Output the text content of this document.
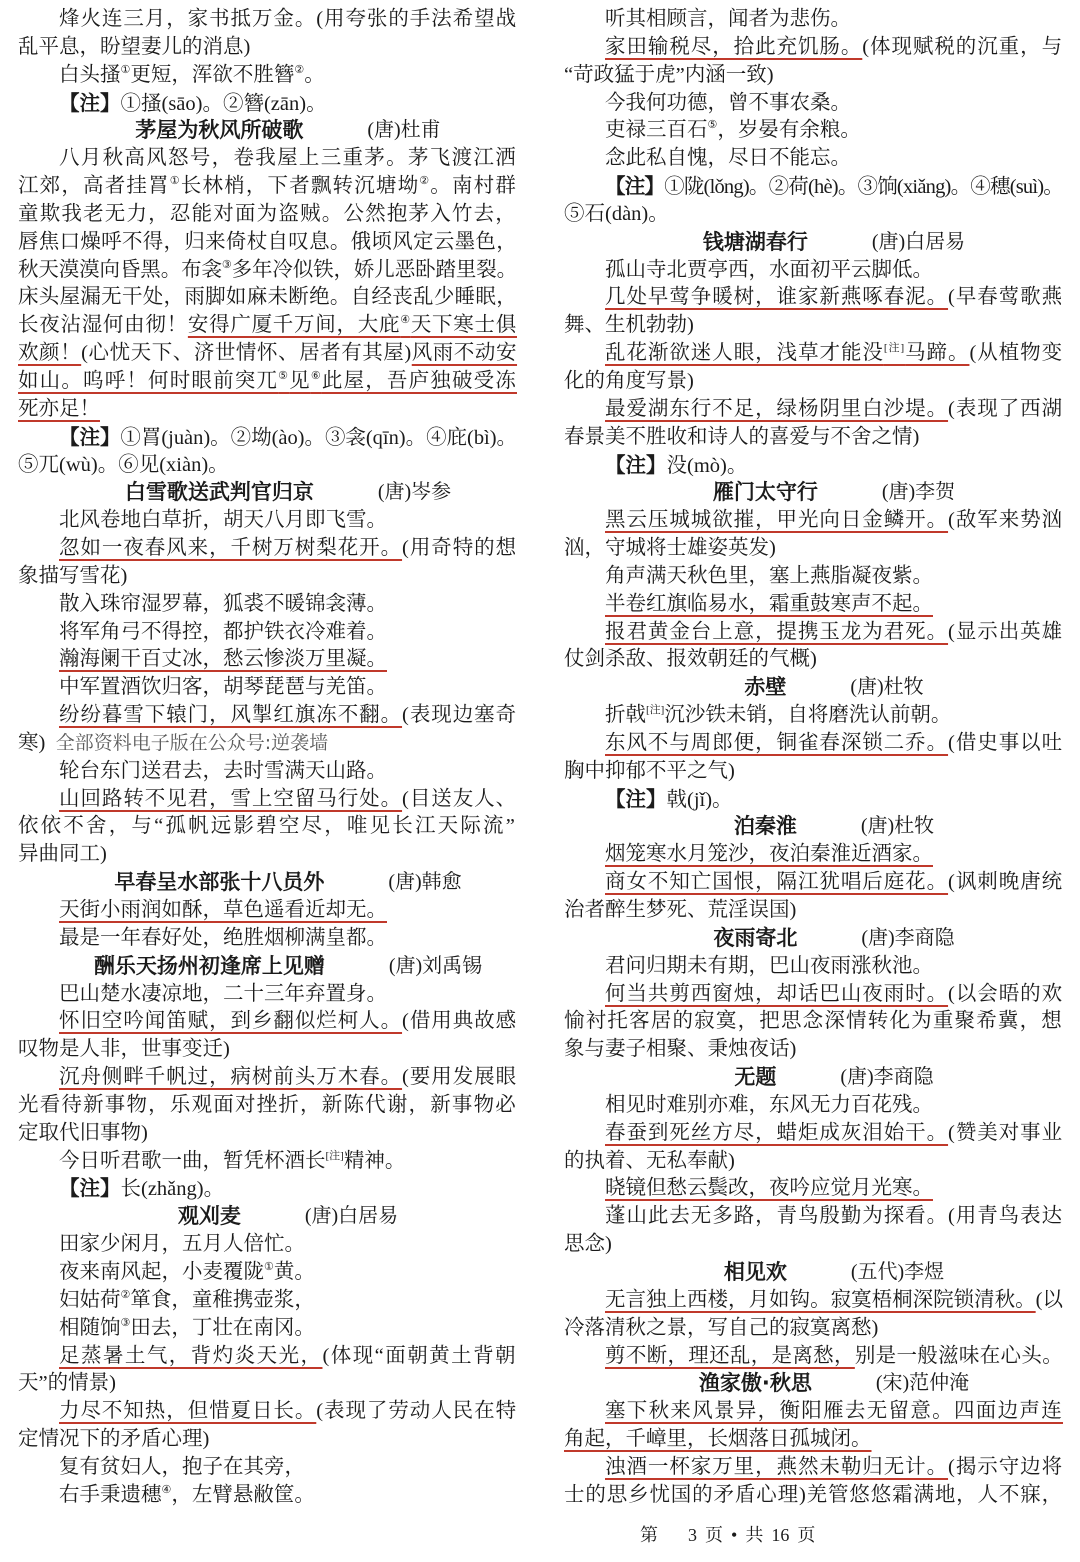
烽火连三月，家书抵万金。(用夸张的手法希望战
乱平息，盼望妻儿的消息)
白头搔①更短，浑欲不胜簪②。
【注】①搔(sāo)。②簪(zān)。
茅屋为秋风所破歌	(唐)杜甫
八月秋高风怒号，卷我屋上三重茅。茅飞渡江洒
江郊，高者挂罥①长林梢，下者飘转沉塘坳②。南村群
童欺我老无力，忍能对面为盗贼。公然抱茅入竹去，
唇焦口燥呼不得，归来倚杖自叹息。俄顷风定云墨色，
秋天漠漠向昏黑。布衾③多年冷似铁，娇儿恶卧踏里裂。
床头屋漏无干处，雨脚如麻未断绝。自经丧乱少睡眠，
长夜沾湿何由彻！安得广厦千万间，大庇④天下寒士俱
欢颜！(心忧天下、济世情怀、居者有其屋)风雨不动安
如山。呜呼！何时眼前突兀⑤见⑥此屋，吾庐独破受冻
死亦足！
【注】①罥(juàn)。②坳(ào)。③衾(qīn)。④庇(bì)。
⑤兀(wù)。⑥见(xiàn)。
白雪歌送武判官归京	(唐)岑参
北风卷地白草折，胡天八月即飞雪。
忽如一夜春风来，千树万树梨花开。(用奇特的想
象描写雪花)
散入珠帘湿罗幕，狐裘不暖锦衾薄。
将军角弓不得控，都护铁衣冷难着。
瀚海阑干百丈冰，愁云惨淡万里凝。
中军置酒饮归客，胡琴琵琶与羌笛。
纷纷暮雪下辕门，风掣红旗冻不翻。(表现边塞奇
寒) 全部资料电子版在公众号:逆袭墙
轮台东门送君去，去时雪满天山路。
山回路转不见君，雪上空留马行处。(目送友人、
依依不舍，与“孤帆远影碧空尽，唯见长江天际流”
异曲同工)
早春呈水部张十八员外	(唐)韩愈
天街小雨润如酥，草色遥看近却无。
最是一年春好处，绝胜烟柳满皇都。
酬乐天扬州初逢席上见赠	(唐)刘禹锡
巴山楚水凄凉地，二十三年弃置身。
怀旧空吟闻笛赋，到乡翻似烂柯人。(借用典故感
叹物是人非，世事变迁)
沉舟侧畔千帆过，病树前头万木春。(要用发展眼
光看待新事物，乐观面对挫折，新陈代谢，新事物必
定取代旧事物)
今日听君歌一曲，暂凭杯酒长[注]精神。
【注】长(zhǎng)。
观刈麦	(唐)白居易
田家少闲月，五月人倍忙。
夜来南风起，小麦覆陇①黄。
妇姑荷②箪食，童稚携壶浆，
相随饷③田去，丁壮在南冈。
足蒸暑土气，背灼炎天光，(体现“面朝黄土背朝
天”的情景)
力尽不知热，但惜夏日长。(表现了劳动人民在特
定情况下的矛盾心理)
复有贫妇人，抱子在其旁，
右手秉遗穗④，左臂悬敝筐。
听其相顾言，闻者为悲伤。
家田输税尽，拾此充饥肠。(体现赋税的沉重，与
“苛政猛于虎”内涵一致)
今我何功德，曾不事农桑。
吏禄三百石⑤，岁晏有余粮。
念此私自愧，尽日不能忘。
【注】①陇(lǒng)。②荷(hè)。③饷(xiǎng)。④穗(suì)。
⑤石(dàn)。
钱塘湖春行	(唐)白居易
孤山寺北贾亭西，水面初平云脚低。
几处早莺争暖树，谁家新燕啄春泥。(早春莺歌燕
舞、生机勃勃)
乱花渐欲迷人眼，浅草才能没[注]马蹄。(从植物变
化的角度写景)
最爱湖东行不足，绿杨阴里白沙堤。(表现了西湖
春景美不胜收和诗人的喜爱与不舍之情)
【注】没(mò)。
雁门太守行	(唐)李贺
黑云压城城欲摧，甲光向日金鳞开。(敌军来势汹
汹，守城将士雄姿英发)
角声满天秋色里，塞上燕脂凝夜紫。
半卷红旗临易水，霜重鼓寒声不起。
报君黄金台上意，提携玉龙为君死。(显示出英雄
仗剑杀敌、报效朝廷的气概)
赤壁	(唐)杜牧
折戟[注]沉沙铁未销，自将磨洗认前朝。
东风不与周郎便，铜雀春深锁二乔。(借史事以吐
胸中抑郁不平之气)
【注】戟(jǐ)。
泊秦淮	(唐)杜牧
烟笼寒水月笼沙，夜泊秦淮近酒家。
商女不知亡国恨，隔江犹唱后庭花。(讽刺晚唐统
治者醉生梦死、荒淫误国)
夜雨寄北	(唐)李商隐
君问归期未有期，巴山夜雨涨秋池。
何当共剪西窗烛，却话巴山夜雨时。(以会晤的欢
愉衬托客居的寂寞，把思念深情转化为重聚希冀，想
象与妻子相聚、秉烛夜话)
无题	(唐)李商隐
相见时难别亦难，东风无力百花残。
春蚕到死丝方尽，蜡炬成灰泪始干。(赞美对事业
的执着、无私奉献)
晓镜但愁云鬓改，夜吟应觉月光寒。
蓬山此去无多路，青鸟殷勤为探看。(用青鸟表达
思念)
相见欢	(五代)李煜
无言独上西楼，月如钩。寂寞梧桐深院锁清秋。(以
冷落清秋之景，写自己的寂寞离愁)
剪不断，理还乱，是离愁，别是一般滋味在心头。
渔家傲·秋思	(宋)范仲淹
塞下秋来风景异，衡阳雁去无留意。四面边声连
角起，千嶂里，长烟落日孤城闭。
浊酒一杯家万里，燕然未勒归无计。(揭示守边将
士的思乡忧国的矛盾心理)羌管悠悠霜满地，人不寐，
第 3 页 • 共 16 页
